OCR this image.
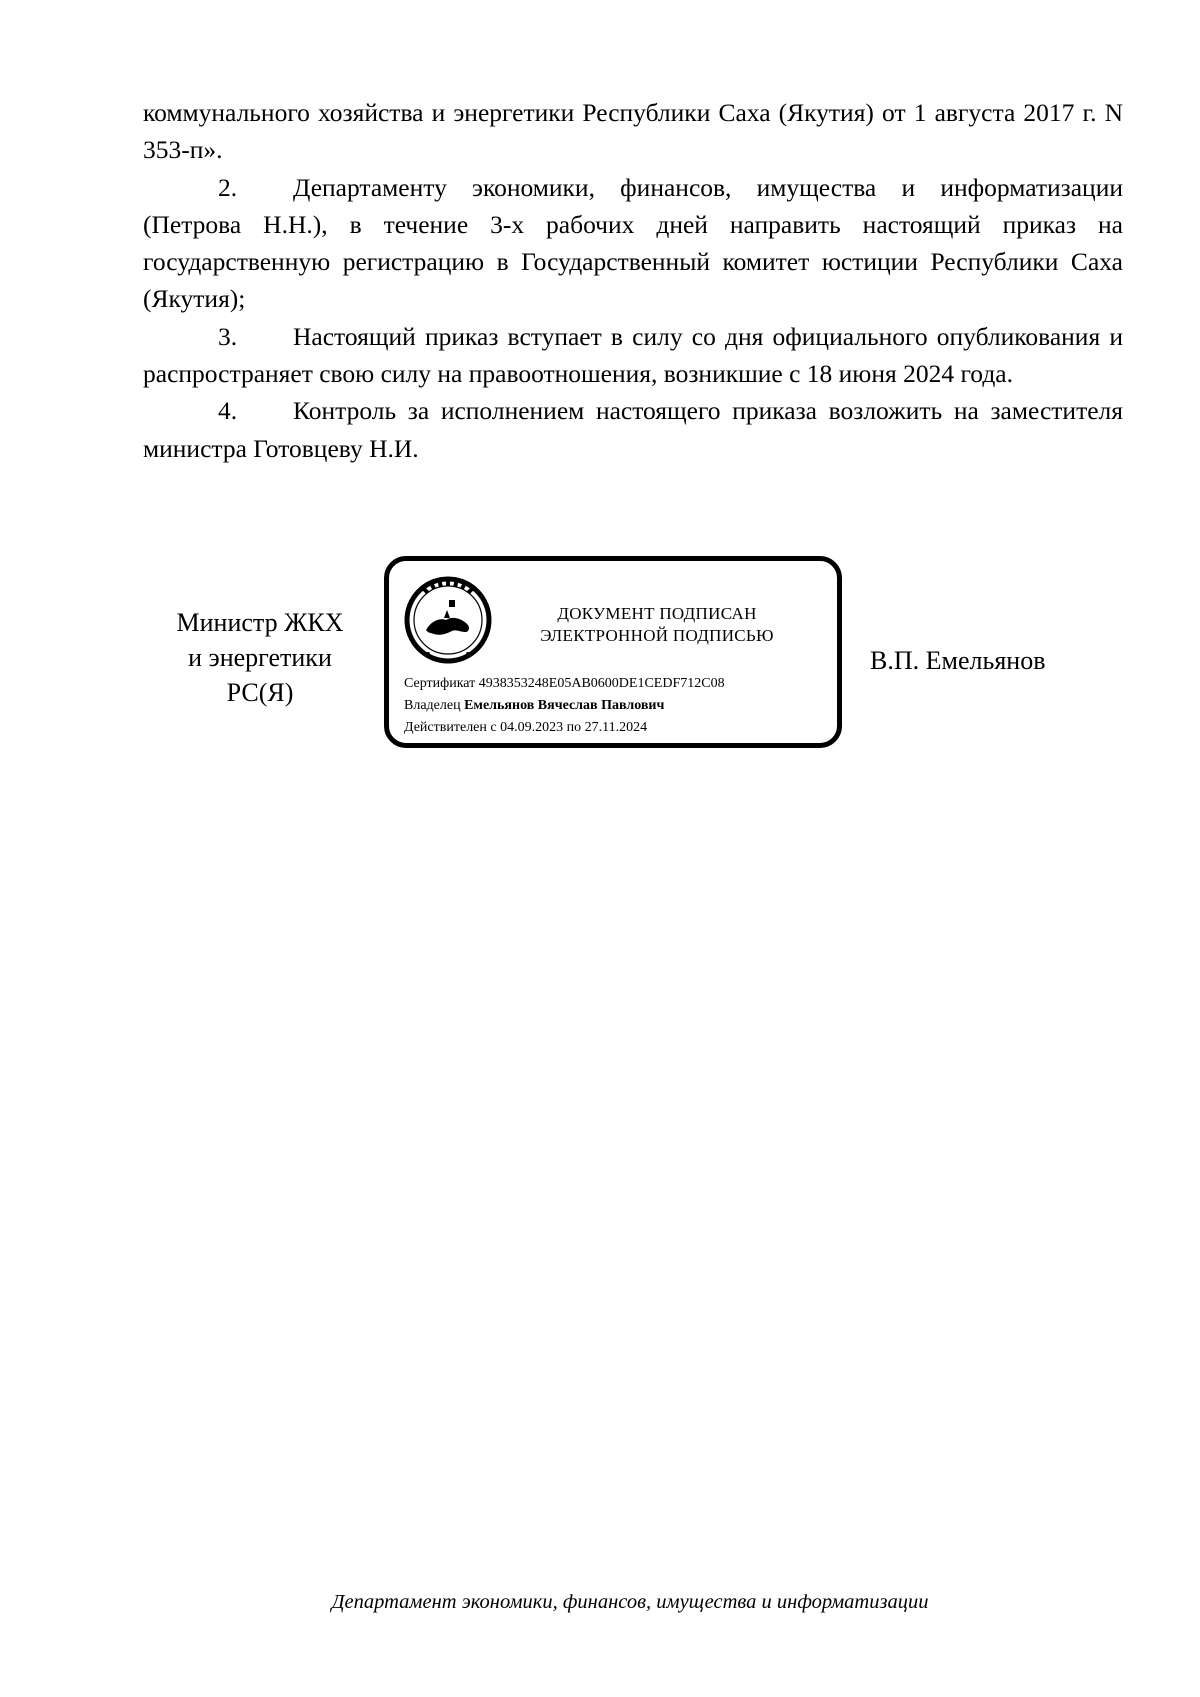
коммунального хозяйства и энергетики Республики Саха (Якутия) от 1 августа 2017 г. N 353-п».

2. Департаменту экономики, финансов, имущества и информатизации (Петрова Н.Н.), в течение 3-х рабочих дней направить настоящий приказ на государственную регистрацию в Государственный комитет юстиции Республики Саха (Якутия);

3. Настоящий приказ вступает в силу со дня официального опубликования и распространяет свою силу на правоотношения, возникшие с 18 июня 2024 года.

4. Контроль за исполнением настоящего приказа возложить на заместителя министра Готовцеву Н.И.

Министр ЖКХ
и энергетики
РС(Я)
ДОКУМЕНТ ПОДПИСАН
ЭЛЕКТРОННОЙ ПОДПИСЬЮ
Сертификат 4938353248E05AB0600DE1CEDF712C08
Владелец Емельянов Вячеслав Павлович
Действителен с 04.09.2023 по 27.11.2024
В.П. Емельянов
Департамент экономики, финансов, имущества и информатизации
